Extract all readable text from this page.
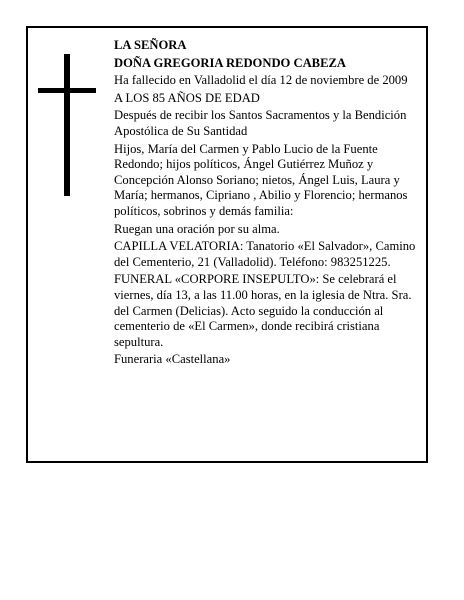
LA SEÑORA

DOÑA GREGORIA REDONDO CABEZA

Ha fallecido en Valladolid el día 12 de noviembre de 2009

A LOS 85 AÑOS DE EDAD

Después de recibir los Santos Sacramentos y la Bendición Apostólica de Su Santidad

Hijos, María del Carmen y Pablo Lucio de la Fuente Redondo; hijos políticos, Ángel Gutiérrez Muñoz y Concepción Alonso Soriano; nietos, Ángel Luis, Laura y María; hermanos, Cipriano , Abilio y Florencio; hermanos políticos, sobrinos y demás familia:

Ruegan una oración por su alma.

CAPILLA VELATORIA: Tanatorio «El Salvador», Camino del Cementerio, 21 (Valladolid). Teléfono: 983251225.

FUNERAL «CORPORE INSEPULTO»: Se celebrará el viernes, día 13, a las 11.00 horas, en la iglesia de Ntra. Sra. del Carmen (Delicias). Acto seguido la conducción al cementerio de «El Carmen», donde recibirá cristiana sepultura.

Funeraria «Castellana»
